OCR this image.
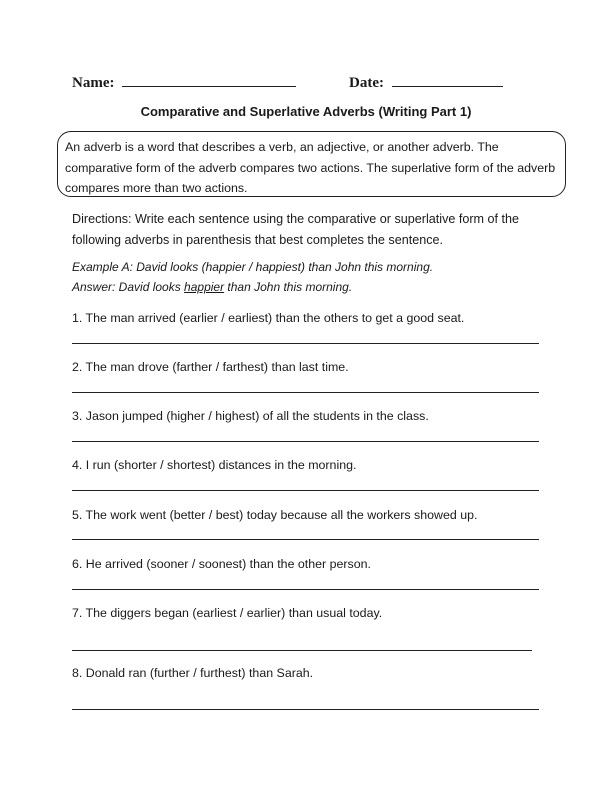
Name:	Date:
Comparative and Superlative Adverbs (Writing Part 1)
An adverb is a word that describes a verb, an adjective, or another adverb. The comparative form of the adverb compares two actions. The superlative form of the adverb compares more than two actions.
Directions: Write each sentence using the comparative or superlative form of the following adverbs in parenthesis that best completes the sentence.
Example A: David looks (happier / happiest) than John this morning.
Answer: David looks happier than John this morning.
1. The man arrived (earlier / earliest) than the others to get a good seat.
2. The man drove (farther / farthest) than last time.
3. Jason jumped (higher / highest) of all the students in the class.
4. I run (shorter / shortest) distances in the morning.
5. The work went (better / best) today because all the workers showed up.
6. He arrived (sooner / soonest) than the other person.
7. The diggers began (earliest / earlier) than usual today.
8. Donald ran (further / furthest) than Sarah.
